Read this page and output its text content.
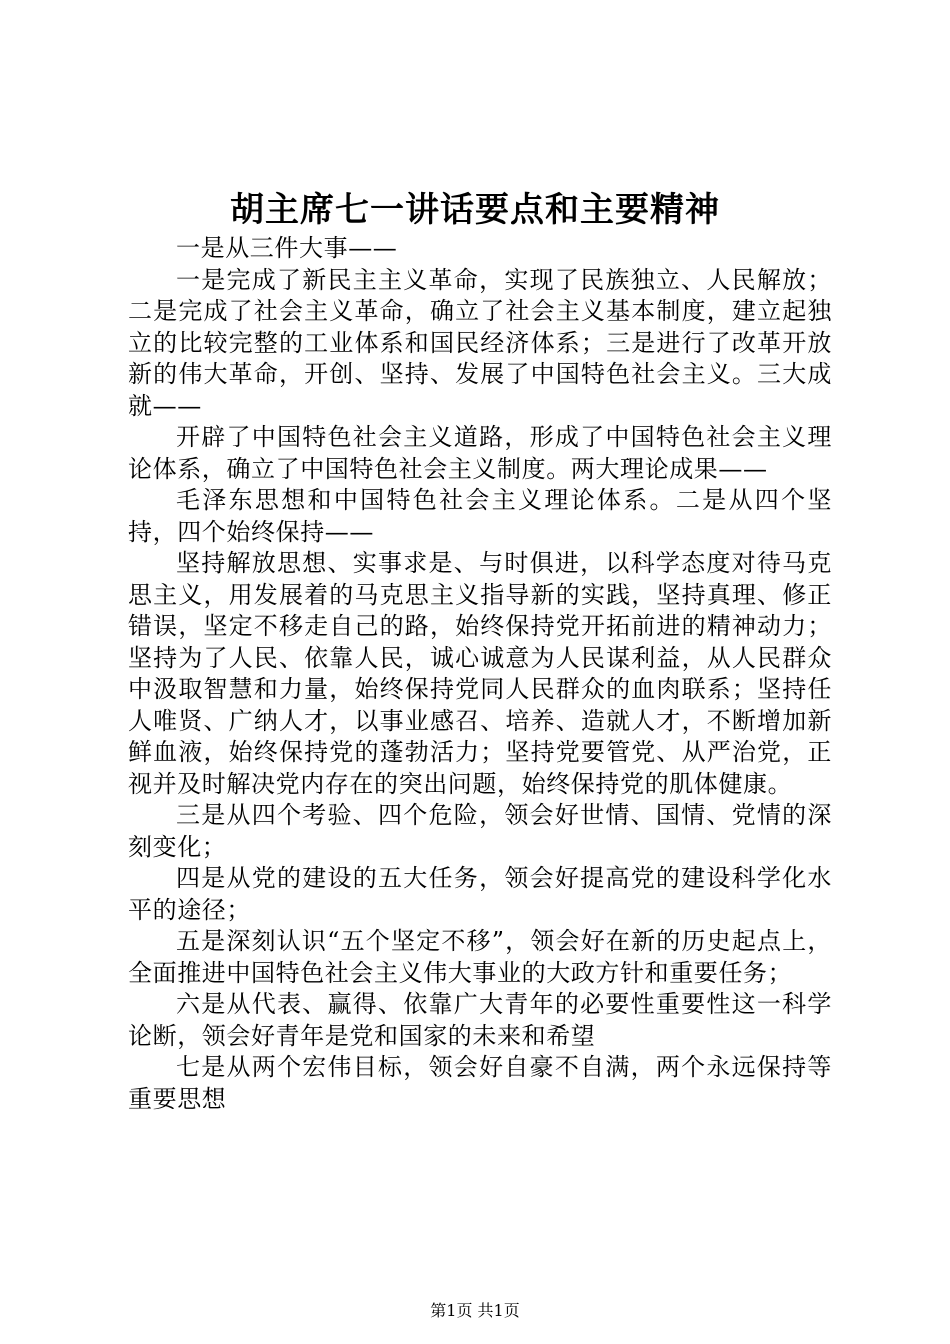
胡主席七一讲话要点和主要精神

一是从三件大事——

一是完成了新民主主义革命，实现了民族独立、人民解放；二是完成了社会主义革命，确立了社会主义基本制度，建立起独立的比较完整的工业体系和国民经济体系；三是进行了改革开放新的伟大革命，开创、坚持、发展了中国特色社会主义。三大成就——

开辟了中国特色社会主义道路，形成了中国特色社会主义理论体系，确立了中国特色社会主义制度。两大理论成果——

毛泽东思想和中国特色社会主义理论体系。二是从四个坚持，四个始终保持——

坚持解放思想、实事求是、与时俱进，以科学态度对待马克思主义，用发展着的马克思主义指导新的实践，坚持真理、修正错误，坚定不移走自己的路，始终保持党开拓前进的精神动力；坚持为了人民、依靠人民，诚心诚意为人民谋利益，从人民群众中汲取智慧和力量，始终保持党同人民群众的血肉联系；坚持任人唯贤、广纳人才，以事业感召、培养、造就人才，不断增加新鲜血液，始终保持党的蓬勃活力；坚持党要管党、从严治党，正视并及时解决党内存在的突出问题，始终保持党的肌体健康。

三是从四个考验、四个危险，领会好世情、国情、党情的深刻变化；

四是从党的建设的五大任务，领会好提高党的建设科学化水平的途径；

五是深刻认识“五个坚定不移”，领会好在新的历史起点上，全面推进中国特色社会主义伟大事业的大政方针和重要任务；

六是从代表、赢得、依靠广大青年的必要性重要性这一科学论断，领会好青年是党和国家的未来和希望

七是从两个宏伟目标，领会好自豪不自满，两个永远保持等重要思想

第1页 共1页
